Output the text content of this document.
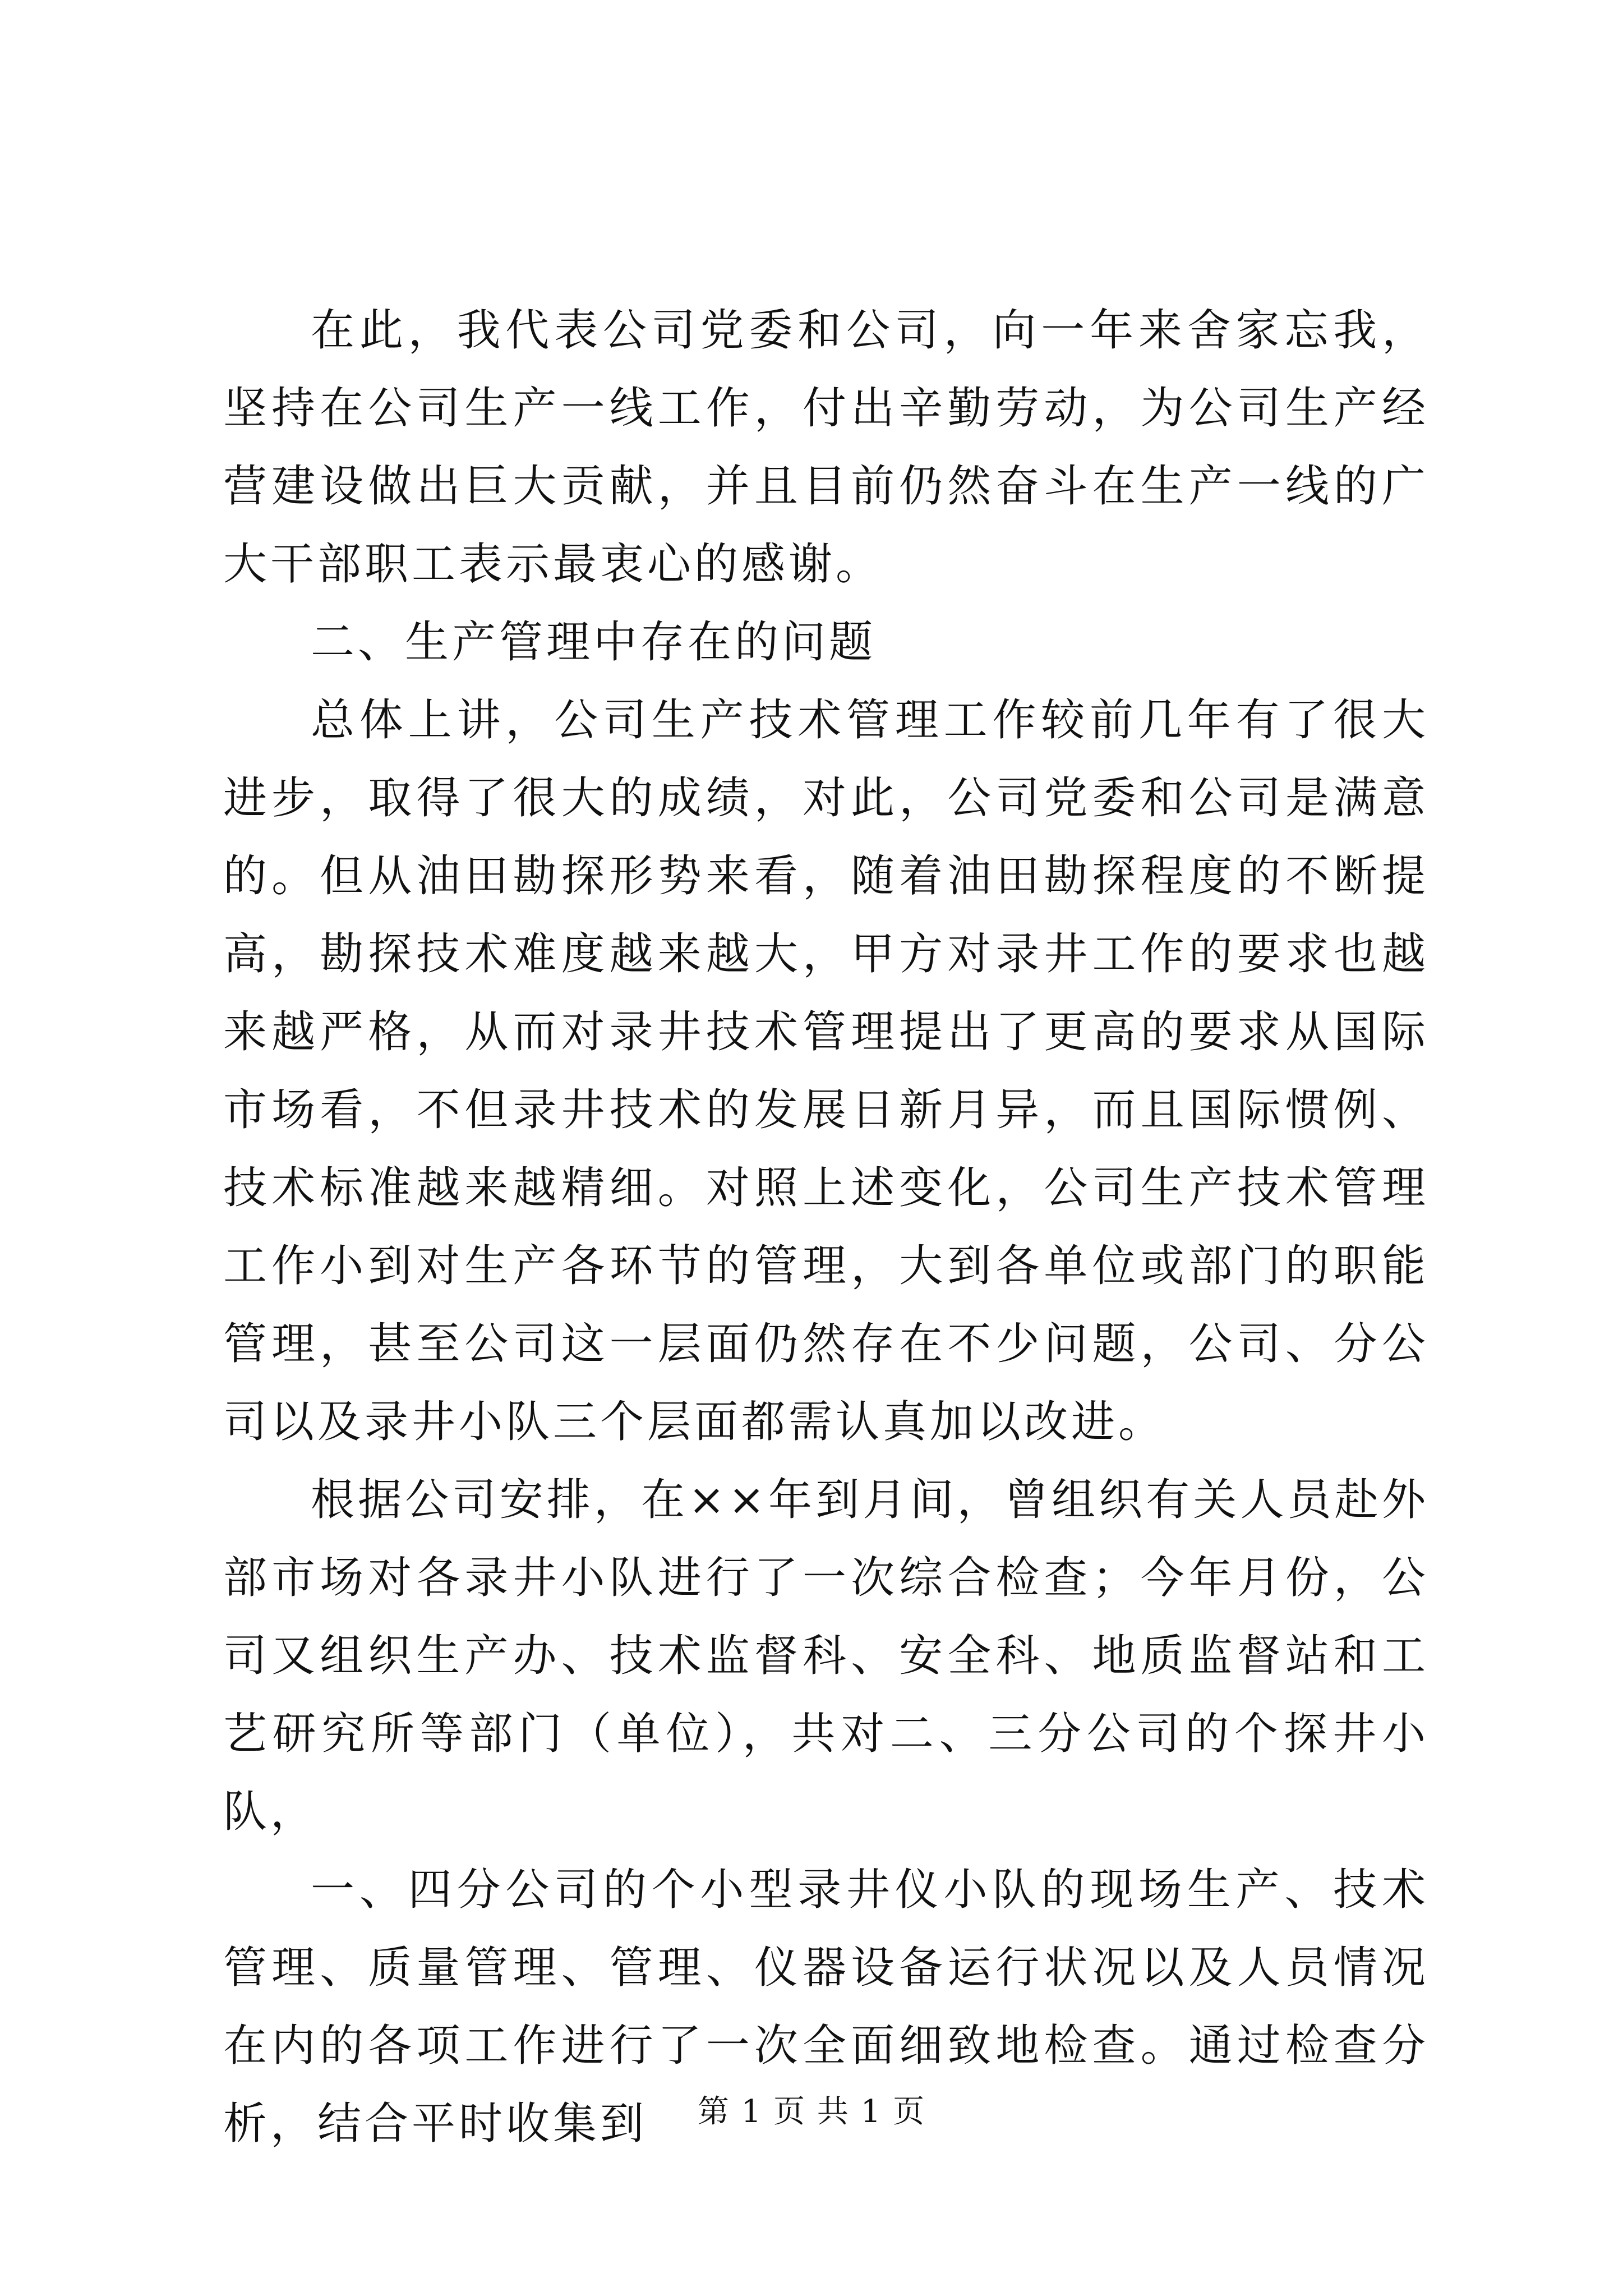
在此，我代表公司党委和公司，向一年来舍家忘我，坚持在公司生产一线工作，付出辛勤劳动，为公司生产经营建设做出巨大贡献，并且目前仍然奋斗在生产一线的广大干部职工表示最衷心的感谢。

二、生产管理中存在的问题

总体上讲，公司生产技术管理工作较前几年有了很大进步，取得了很大的成绩，对此，公司党委和公司是满意的。但从油田勘探形势来看，随着油田勘探程度的不断提高，勘探技术难度越来越大，甲方对录井工作的要求也越来越严格，从而对录井技术管理提出了更高的要求从国际市场看，不但录井技术的发展日新月异，而且国际惯例、技术标准越来越精细。对照上述变化，公司生产技术管理工作小到对生产各环节的管理，大到各单位或部门的职能管理，甚至公司这一层面仍然存在不少问题，公司、分公司以及录井小队三个层面都需认真加以改进。

根据公司安排，在××年到月间，曾组织有关人员赴外部市场对各录井小队进行了一次综合检查；今年月份，公司又组织生产办、技术监督科、安全科、地质监督站和工艺研究所等部门（单位），共对二、三分公司的个探井小队，

一、四分公司的个小型录井仪小队的现场生产、技术管理、质量管理、管理、仪器设备运行状况以及人员情况在内的各项工作进行了一次全面细致地检查。通过检查分析，结合平时收集到	第 1 页 共 1 页
